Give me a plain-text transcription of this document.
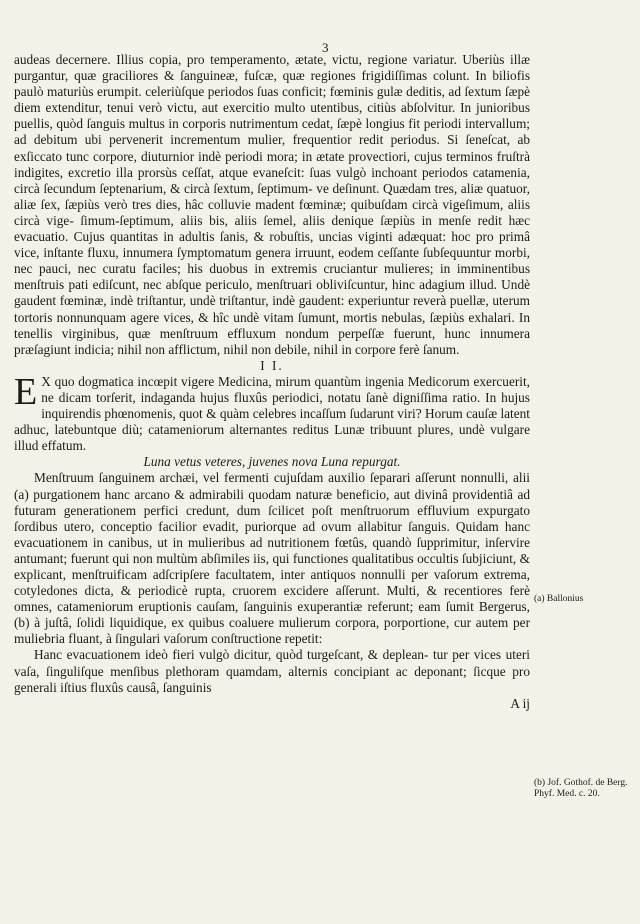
3

audeas decernere. Illius copia, pro temperamento, ætate, victu, regione variatur. Uberiùs illæ purgantur, quæ graciliores & ſanguineæ, fuſcæ, quæ regiones frigidiſſimas colunt. In biliofis paulò maturiùs erumpit. celeriùſque periodos ſuas conficit; fœminis gulæ deditis, ad ſextum ſæpè diem extenditur, tenui verò victu, aut exercitio multo utentibus, citiùs abſolvitur. In junioribus puellis, quòd ſanguis multus in corporis nutrimentum cedat, ſæpè longius fit periodi intervallum; ad debitum ubi pervenerit incrementum mulier, frequentior redit periodus. Si ſeneſcat, ab exſiccato tunc corpore, diuturnior indè periodi mora; in ætate provectiori, cujus terminos fruſtrà indigites, excretio illa prorsùs ceſſat, atque evaneſcit: ſuas vulgò inchoant periodos catamenia, circà ſecundum ſeptenarium, & circà ſextum, ſeptimum- ve deſinunt. Quædam tres, aliæ quatuor, aliæ ſex, ſæpiùs verò tres dies, hâc colluvie madent fœminæ; quibuſdam circà vigeſimum, aliis circà vige- ſimum-ſeptimum, aliis bis, aliis ſemel, aliis denique ſæpiùs in menſe redit hæc evacuatio. Cujus quantitas in adultis ſanis, & robuſtis, uncias viginti adæquat: hoc pro primâ vice, inſtante fluxu, innumera ſymptomatum genera irruunt, eodem ceſſante ſubſequuntur morbi, nec pauci, nec curatu faciles; his duobus in extremis cruciantur mulieres; in imminentibus menſtruis pati ediſcunt, nec abſque periculo, menſtruari obliviſcuntur, hinc adagium illud. Undè gaudent fœminæ, indè triſtantur, undè triſtantur, indè gaudent: experiuntur reverà puellæ, uterum tortoris nonnunquam agere vices, & hîc undè vitam ſumunt, mortis nebulas, ſæpiùs exhalari. In tenellis virginibus, quæ menſtruum effluxum nondum perpeſſæ fuerunt, hunc innumera præſagiunt indicia; nihil non afflictum, nihil non debile, nihil in corpore ferè ſanum.

I I.

E X quo dogmatica incœpit vigere Medicina, mirum quantùm ingenia Medicorum exercuerit, ne dicam torſerit, indaganda hujus fluxûs periodici, notatu ſanè digniſſima ratio. In hujus inquirendis phœnomenis, quot & quàm celebres incaſſum ſudarunt viri? Horum cauſæ latent adhuc, latebuntque diù; catameniorum alternantes reditus Lunæ tribuunt plures, undè vulgare illud effatum.

Luna vetus veteres, juvenes nova Luna repurgat.

Menſtruum ſanguinem archæi, vel fermenti cujuſdam auxilio ſeparari aſſerunt nonnulli, alii (a) purgationem hanc arcano & admirabili quodam naturæ beneficio, aut divinâ providentiâ ad futuram generationem perfici credunt, dum ſcilicet poſt menſtruorum effluvium expurgato ſordibus utero, conceptio facilior evadit, puriorque ad ovum allabitur ſanguis. Quidam hanc evacuationem in canibus, ut in mulieribus ad nutritionem fœtûs, quandò ſupprimitur, inſervire antumant; fuerunt qui non multùm abſimiles iis, qui functiones qualitatibus occultis ſubjiciunt, & explicant, menſtruificam adſcripſere facultatem, inter antiquos nonnulli per vaſorum extrema, cotyledones dicta, & periodicè rupta, cruorem excidere aſſerunt. Multi, & recentiores ferè omnes, catameniorum eruptionis cauſam, ſanguinis exuperantiæ referunt; eam ſumit Bergerus, (b) à juſtâ, ſolidi liquidique, ex quibus coaluere mulierum corpora, porportione, cur autem per muliebria fluant, à ſingulari vaſorum conſtructione repetit:

Hanc evacuationem ideò fieri vulgò dicitur, quòd turgeſcant, & deplean- tur per vices uteri vaſa, ſinguliſque menſibus plethoram quamdam, alternis concipiant ac deponant; ſicque pro generali iſtius fluxûs causâ, ſanguinis

A ij

(a) Ballonius
(b) Jof. Gothof. de Berg. Phyf. Med. c. 20.
